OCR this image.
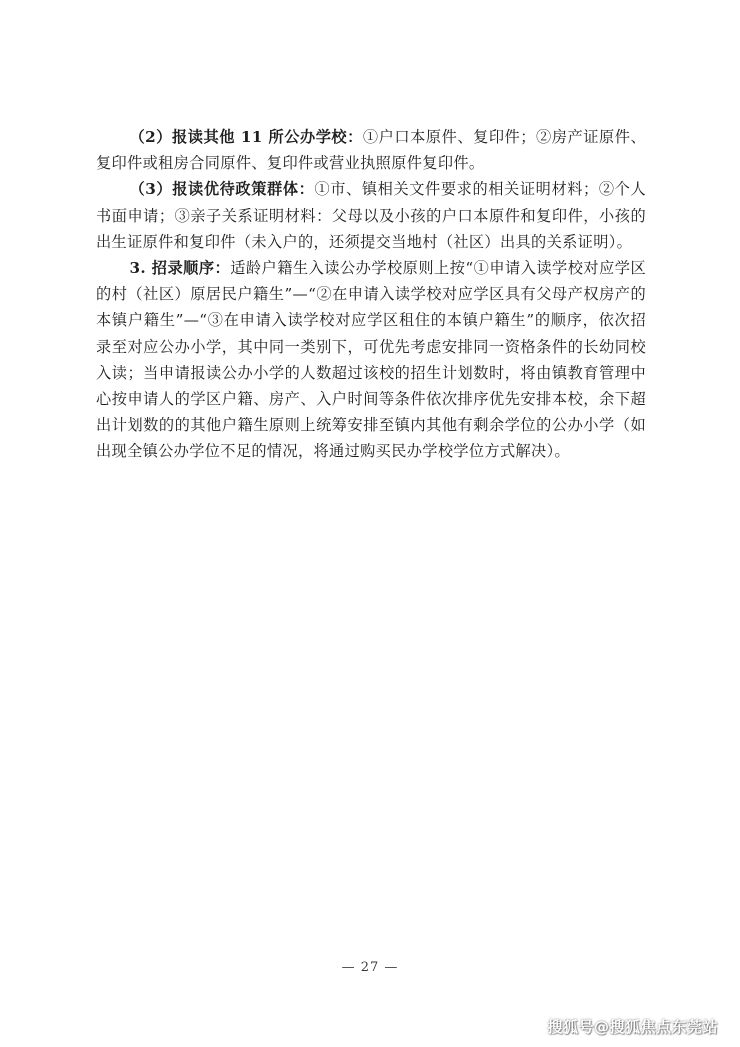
（2）报读其他 11 所公办学校：①户口本原件、复印件；②房产证原件、复印件或租房合同原件、复印件或营业执照原件复印件。

（3）报读优待政策群体：①市、镇相关文件要求的相关证明材料；②个人书面申请；③亲子关系证明材料：父母以及小孩的户口本原件和复印件，小孩的出生证原件和复印件（未入户的，还须提交当地村（社区）出具的关系证明）。

3. 招录顺序：适龄户籍生入读公办学校原则上按“①申请入读学校对应学区的村（社区）原居民户籍生”—“②在申请入读学校对应学区具有父母产权房产的本镇户籍生”—“③在申请入读学校对应学区租住的本镇户籍生”的顺序，依次招录至对应公办小学，其中同一类别下，可优先考虑安排同一资格条件的长幼同校入读；当申请报读公办小学的人数超过该校的招生计划数时，将由镇教育管理中心按申请人的学区户籍、房产、入户时间等条件依次排序优先安排本校，余下超出计划数的的其他户籍生原则上统筹安排至镇内其他有剩余学位的公办小学（如出现全镇公办学位不足的情况，将通过购买民办学校学位方式解决）。

— 27 —
搜狐号@搜狐焦点东莞站
